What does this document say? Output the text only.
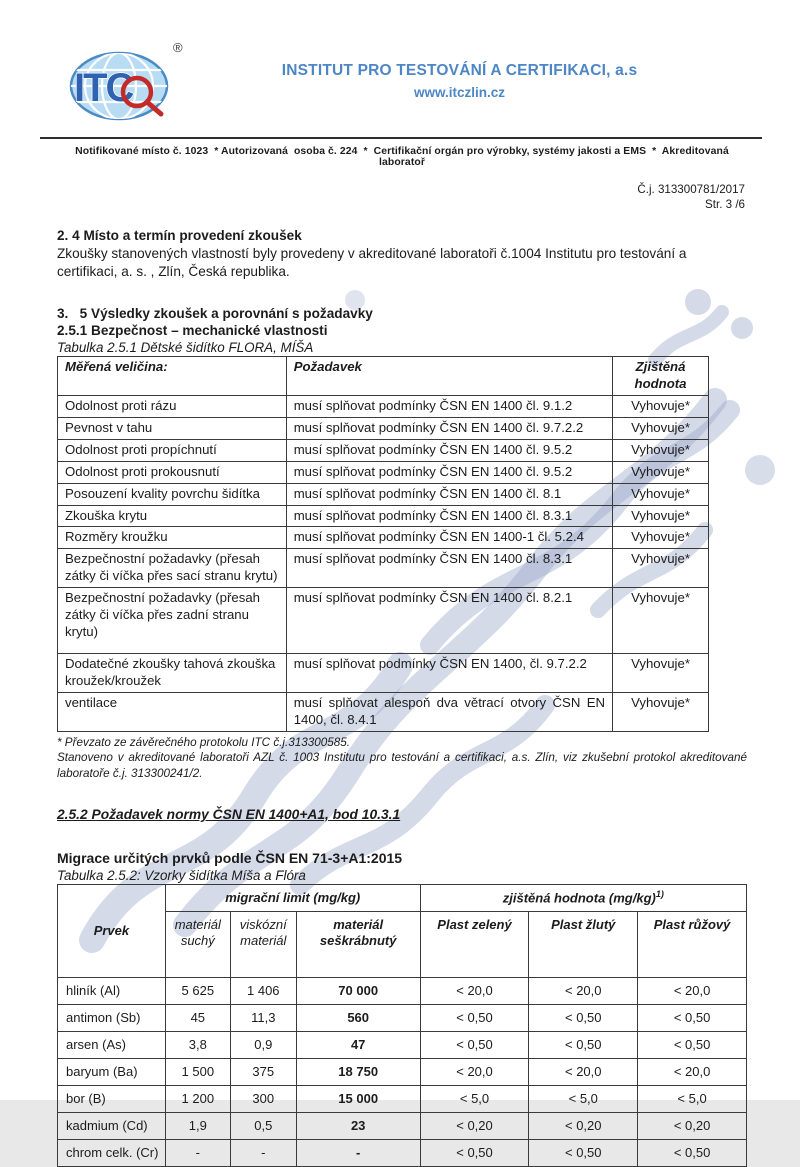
ITC
®
INSTITUT PRO TESTOVÁNÍ A CERTIFIKACI, a.s
www.itczlin.cz
Notifikované místo č. 1023  * Autorizovaná  osoba č. 224  *  Certifikační orgán pro výrobky, systémy jakosti a EMS  *  Akreditovaná  laboratoř
Č.j. 313300781/2017
Str. 3 /6
2. 4 Místo a termín provedení zkoušek
Zkoušky stanovených vlastností byly provedeny v akreditované laboratoři č.1004 Institutu pro testování a certifikaci, a. s. , Zlín, Česká republika.
3.   5 Výsledky zkoušek a porovnání s požadavky
2.5.1 Bezpečnost – mechanické vlastnosti
Tabulka 2.5.1 Dětské šidítko FLORA, MÍŠA
Měřená veličina:	Požadavek	Zjištěná hodnota
Odolnost proti rázu	musí splňovat podmínky ČSN EN 1400 čl. 9.1.2	Vyhovuje*
Pevnost v tahu	musí splňovat podmínky ČSN EN 1400 čl. 9.7.2.2	Vyhovuje*
Odolnost proti propíchnutí	musí splňovat podmínky ČSN EN 1400 čl. 9.5.2	Vyhovuje*
Odolnost proti prokousnutí	musí splňovat podmínky ČSN EN 1400 čl. 9.5.2	Vyhovuje*
Posouzení kvality povrchu šidítka	musí splňovat podmínky ČSN EN 1400 čl. 8.1	Vyhovuje*
Zkouška krytu	musí splňovat podmínky ČSN EN 1400 čl. 8.3.1	Vyhovuje*
Rozměry kroužku	musí splňovat podmínky ČSN EN 1400-1 čl. 5.2.4	Vyhovuje*
Bezpečnostní požadavky (přesah zátky či víčka přes sací stranu krytu)	musí splňovat podmínky ČSN EN 1400 čl. 8.3.1	Vyhovuje*
Bezpečnostní požadavky (přesah zátky či víčka přes zadní stranu krytu)	musí splňovat podmínky ČSN EN 1400 čl. 8.2.1	Vyhovuje*
Dodatečné zkoušky tahová zkouška kroužek/kroužek	musí splňovat podmínky ČSN EN 1400, čl. 9.7.2.2	Vyhovuje*
ventilace	musí splňovat alespoň dva větrací otvory ČSN EN 1400, čl. 8.4.1	Vyhovuje*
* Převzato ze závěrečného protokolu ITC č.j.313300585.
Stanoveno v akreditované laboratoři AZL č. 1003 Institutu pro testování a certifikaci, a.s. Zlín, viz zkušební protokol akreditované laboratoře č.j. 313300241/2.
2.5.2 Požadavek normy ČSN EN 1400+A1, bod 10.3.1
Migrace určitých prvků podle ČSN EN 71-3+A1:2015
Tabulka 2.5.2: Vzorky šidítka Míša a Flóra
Prvek	migrační limit (mg/kg)			zjištěná hodnota $(mg/kg)^{1)}$
	materiál suchý	viskózní materiál	materiál seškrábnutý	Plast zelený	Plast žlutý	Plast růžový
hliník (Al)	5 625	1 406	70 000	< 20,0	< 20,0	< 20,0
antimon (Sb)	45	11,3	560	< 0,50	< 0,50	< 0,50
arsen (As)	3,8	0,9	47	< 0,50	< 0,50	< 0,50
baryum (Ba)	1 500	375	18 750	< 20,0	< 20,0	< 20,0
bor (B)	1 200	300	15 000	< 5,0	< 5,0	< 5,0
kadmium (Cd)	1,9	0,5	23	< 0,20	< 0,20	< 0,20
chrom celk. (Cr)	-	-	-	< 0,50	< 0,50	< 0,50
